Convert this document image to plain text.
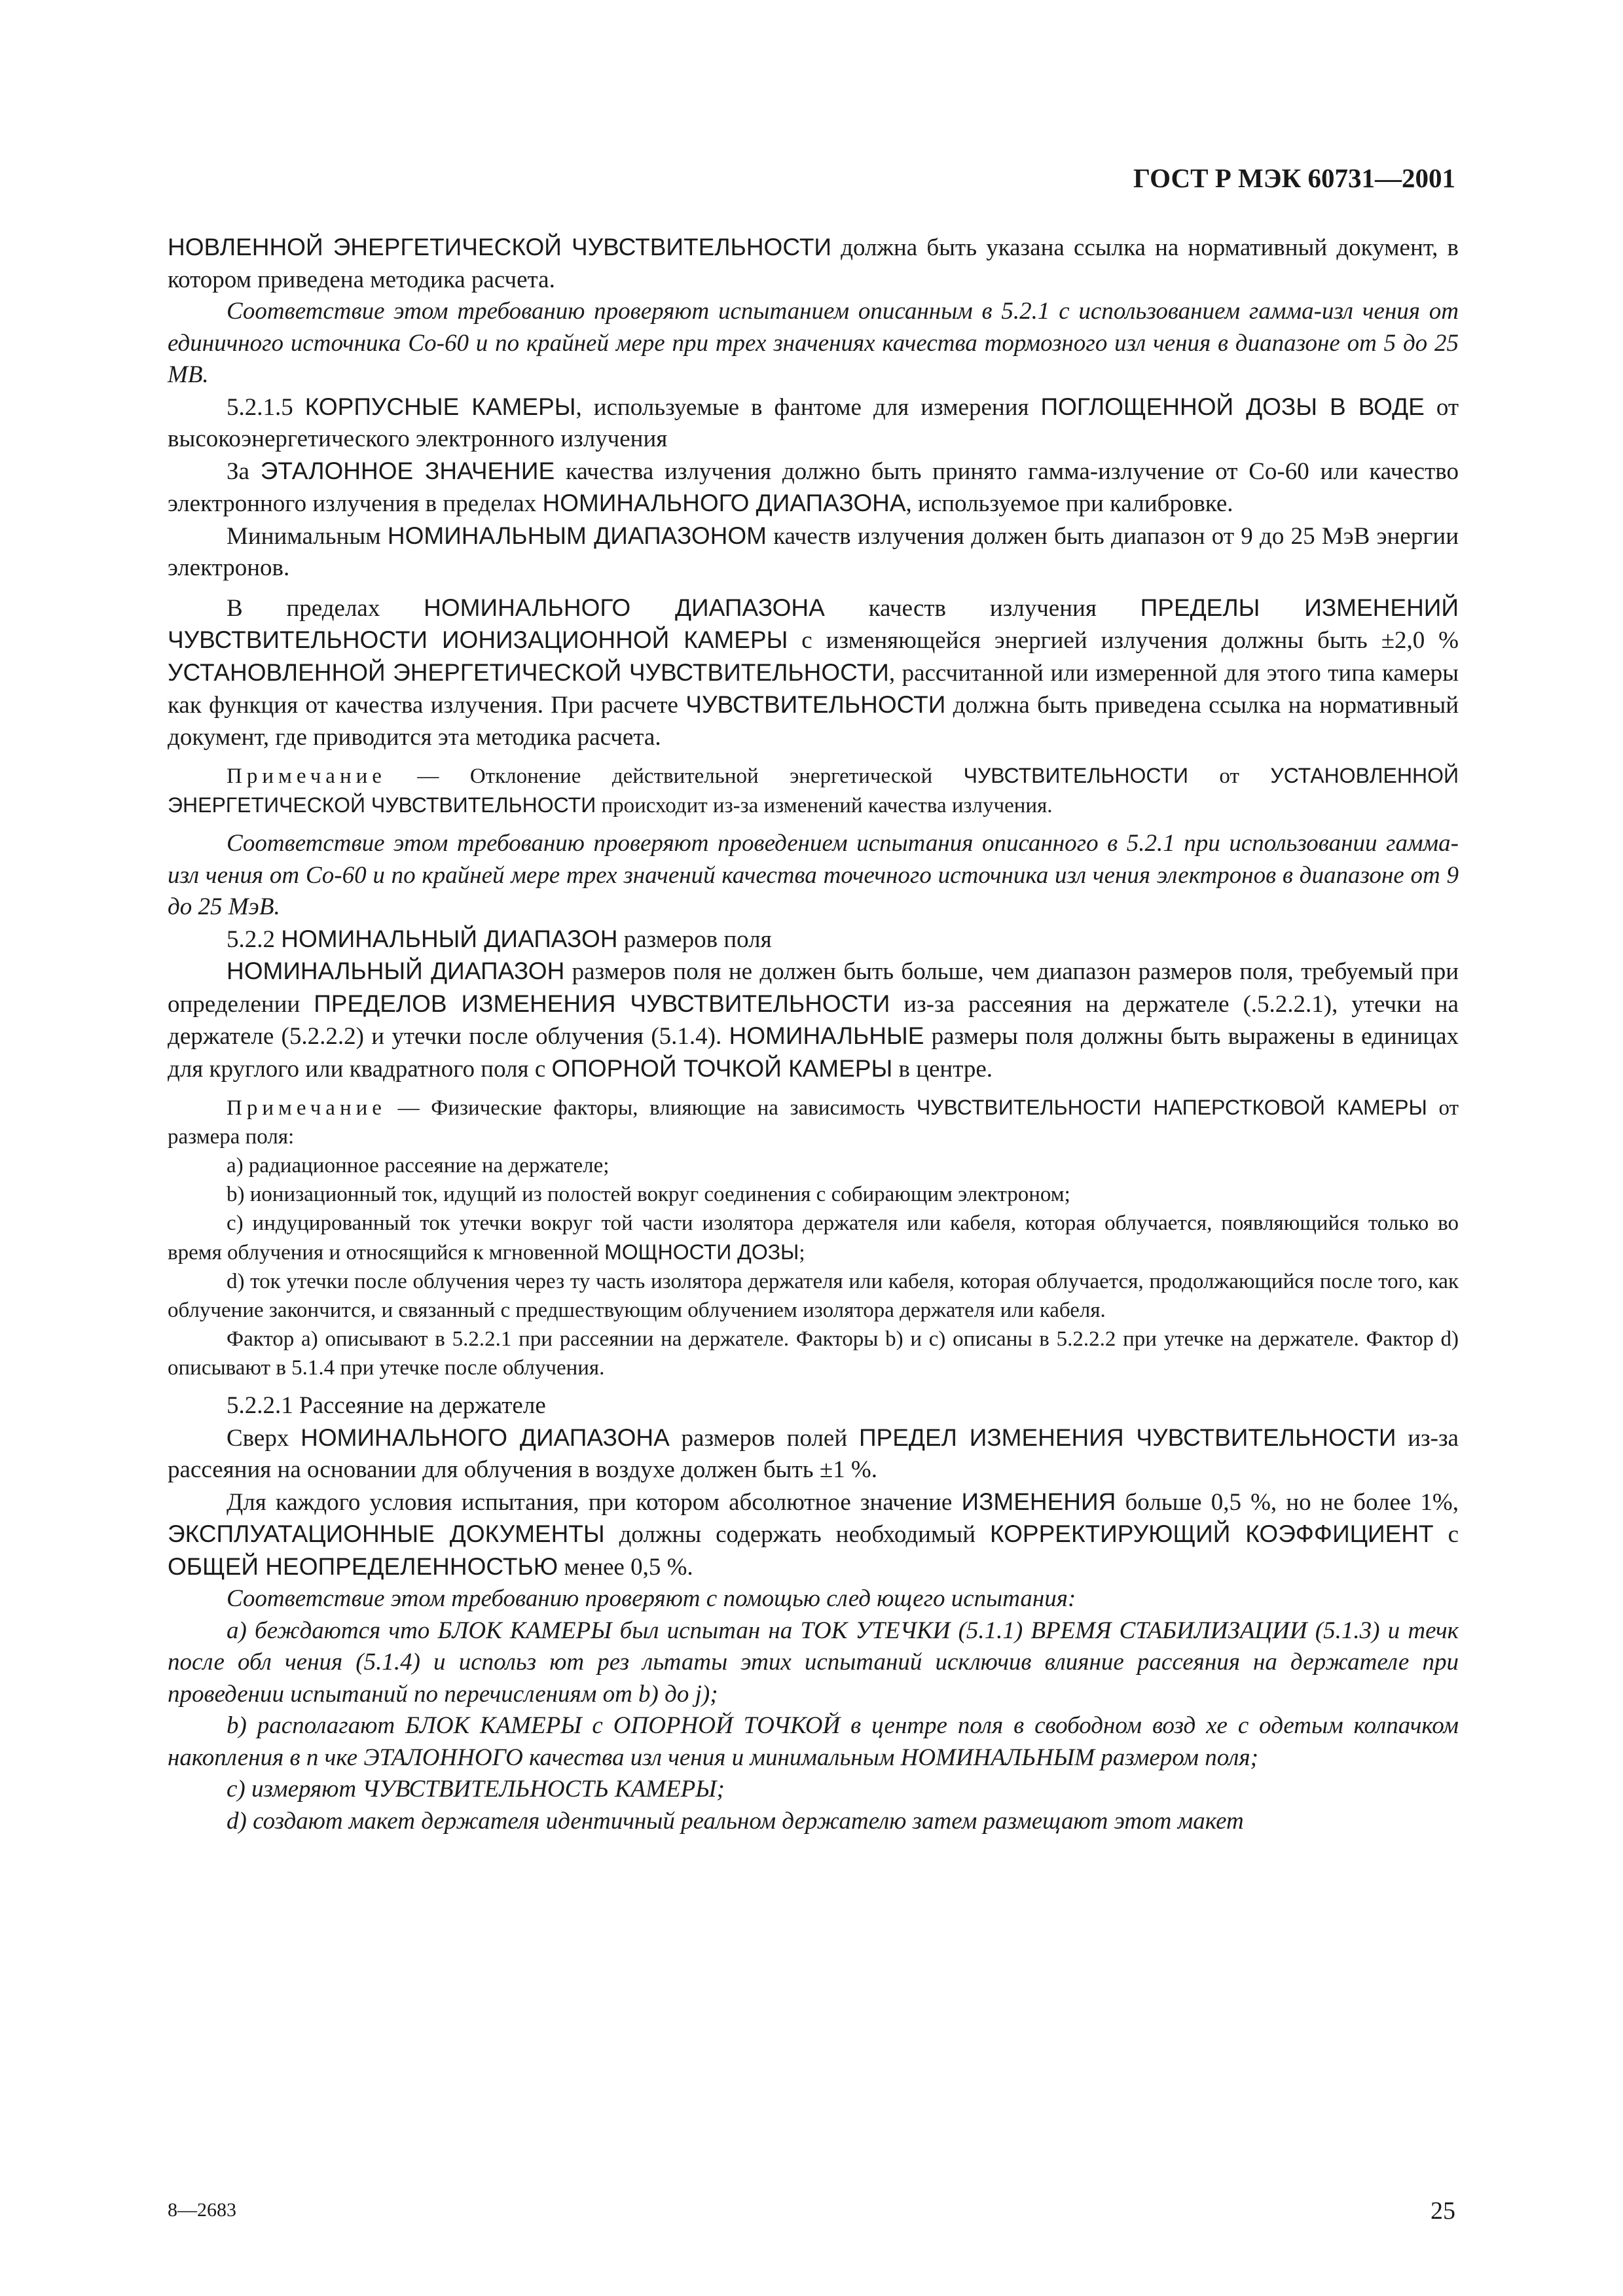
ГОСТ Р МЭК 60731—2001

НОВЛЕННОЙ ЭНЕРГЕТИЧЕСКОЙ ЧУВСТВИТЕЛЬНОСТИ должна быть указана ссылка на нормативный документ, в котором приведена методика расчета.

Соответствие этом требованию проверяют испытанием описанным в 5.2.1 с использованием гамма-изл чения от единичного источника Со-60 и по крайней мере при трех значениях качества тормозного изл чения в диапазоне от 5 до 25 МВ.

5.2.1.5 КОРПУСНЫЕ КАМЕРЫ, используемые в фантоме для измерения ПОГЛОЩЕННОЙ ДОЗЫ В ВОДЕ от высокоэнергетического электронного излучения

За ЭТАЛОННОЕ ЗНАЧЕНИЕ качества излучения должно быть принято гамма-излучение от Со-60 или качество электронного излучения в пределах НОМИНАЛЬНОГО ДИАПАЗОНА, используемое при калибровке.

Минимальным НОМИНАЛЬНЫМ ДИАПАЗОНОМ качеств излучения должен быть диапазон от 9 до 25 МэВ энергии электронов.

В пределах НОМИНАЛЬНОГО ДИАПАЗОНА качеств излучения ПРЕДЕЛЫ ИЗМЕНЕНИЙ ЧУВСТВИТЕЛЬНОСТИ ИОНИЗАЦИОННОЙ КАМЕРЫ с изменяющейся энергией излучения должны быть ±2,0 % УСТАНОВЛЕННОЙ ЭНЕРГЕТИЧЕСКОЙ ЧУВСТВИТЕЛЬНОСТИ, рассчитанной или измеренной для этого типа камеры как функция от качества излучения. При расчете ЧУВСТВИТЕЛЬНОСТИ должна быть приведена ссылка на нормативный документ, где приводится эта методика расчета.

Примечание — Отклонение действительной энергетической ЧУВСТВИТЕЛЬНОСТИ от УСТАНОВЛЕННОЙ ЭНЕРГЕТИЧЕСКОЙ ЧУВСТВИТЕЛЬНОСТИ происходит из-за изменений качества излучения.

Соответствие этом требованию проверяют проведением испытания описанного в 5.2.1 при использовании гамма-изл чения от Со-60 и по крайней мере трех значений качества точечного источника изл чения электронов в диапазоне от 9 до 25 МэВ.

5.2.2 НОМИНАЛЬНЫЙ ДИАПАЗОН размеров поля

НОМИНАЛЬНЫЙ ДИАПАЗОН размеров поля не должен быть больше, чем диапазон размеров поля, требуемый при определении ПРЕДЕЛОВ ИЗМЕНЕНИЯ ЧУВСТВИТЕЛЬНОСТИ из-за рассеяния на держателе (.5.2.2.1), утечки на держателе (5.2.2.2) и утечки после облучения (5.1.4). НОМИНАЛЬНЫЕ размеры поля должны быть выражены в единицах для круглого или квадратного поля с ОПОРНОЙ ТОЧКОЙ КАМЕРЫ в центре.

Примечание — Физические факторы, влияющие на зависимость ЧУВСТВИТЕЛЬНОСТИ НАПЕРСТКОВОЙ КАМЕРЫ от размера поля:

a) радиационное рассеяние на держателе;

b) ионизационный ток, идущий из полостей вокруг соединения с собирающим электроном;

c) индуцированный ток утечки вокруг той части изолятора держателя или кабеля, которая облучается, появляющийся только во время облучения и относящийся к мгновенной МОЩНОСТИ ДОЗЫ;

d) ток утечки после облучения через ту часть изолятора держателя или кабеля, которая облучается, продолжающийся после того, как облучение закончится, и связанный с предшествующим облучением изолятора держателя или кабеля.

Фактор a) описывают в 5.2.2.1 при рассеянии на держателе. Факторы b) и c) описаны в 5.2.2.2 при утечке на держателе. Фактор d) описывают в 5.1.4 при утечке после облучения.

5.2.2.1 Рассеяние на держателе

Сверх НОМИНАЛЬНОГО ДИАПАЗОНА размеров полей ПРЕДЕЛ ИЗМЕНЕНИЯ ЧУВСТВИТЕЛЬНОСТИ из-за рассеяния на основании для облучения в воздухе должен быть ±1 %.

Для каждого условия испытания, при котором абсолютное значение ИЗМЕНЕНИЯ больше 0,5 %, но не более 1%, ЭКСПЛУАТАЦИОННЫЕ ДОКУМЕНТЫ должны содержать необходимый КОРРЕКТИРУЮЩИЙ КОЭФФИЦИЕНТ с ОБЩЕЙ НЕОПРЕДЕЛЕННОСТЬЮ менее 0,5 %.

Соответствие этом требованию проверяют с помощью след ющего испытания:

a) беждаются что БЛОК КАМЕРЫ был испытан на ТОК УТЕЧКИ (5.1.1) ВРЕМЯ СТАБИЛИЗАЦИИ (5.1.3) и течк после обл чения (5.1.4) и использ ют рез льтаты этих испытаний исключив влияние рассеяния на держателе при проведении испытаний по перечислениям от b) до j);

b) располагают БЛОК КАМЕРЫ с ОПОРНОЙ ТОЧКОЙ в центре поля в свободном возд хе с одетым колпачком накопления в п чке ЭТАЛОННОГО качества изл чения и минимальным НОМИНАЛЬНЫМ размером поля;

c) измеряют ЧУВСТВИТЕЛЬНОСТЬ КАМЕРЫ;

d) создают макет держателя идентичный реальном держателю затем размещают этот макет

8—2683	25
